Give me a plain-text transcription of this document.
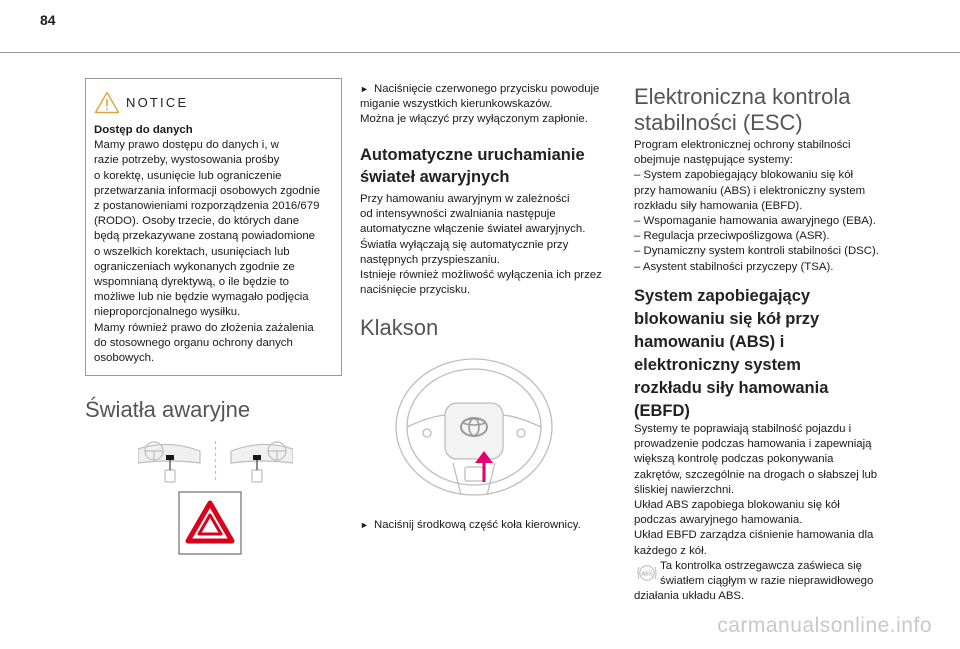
84
NOTICE

Dostęp do danych

Mamy prawo dostępu do danych i, w

razie potrzeby, wystosowania prośby

o korektę, usunięcie lub ograniczenie

przetwarzania informacji osobowych zgodnie

z postanowieniami rozporządzenia 2016/679

(RODO). Osoby trzecie, do których dane

będą przekazywane zostaną powiadomione

o wszelkich korektach, usunięciach lub

ograniczeniach wykonanych zgodnie ze

wspomnianą dyrektywą, o ile będzie to

możliwe lub nie będzie wymagało podjęcia

nieproporcjonalnego wysiłku.

Mamy również prawo do złożenia zażalenia

do stosownego organu ochrony danych

osobowych.

Światła awaryjne

► Naciśnięcie czerwonego przycisku powoduje

miganie wszystkich kierunkowskazów.

Można je włączyć przy wyłączonym zapłonie.

Automatyczne uruchamianie
świateł awaryjnych

Przy hamowaniu awaryjnym w zależności

od intensywności zwalniania następuje

automatyczne włączenie świateł awaryjnych.

Światła wyłączają się automatycznie przy

następnych przyspieszaniu.

Istnieje również możliwość wyłączenia ich przez

naciśnięcie przycisku.

Klakson

► Naciśnij środkową część koła kierownicy.

Elektroniczna kontrola
stabilności (ESC)

Program elektronicznej ochrony stabilności

obejmuje następujące systemy:

– System zapobiegający blokowaniu się kół

przy hamowaniu (ABS) i elektroniczny system

rozkładu siły hamowania (EBFD).

– Wspomaganie hamowania awaryjnego (EBA).

– Regulacja przeciwpoślizgowa (ASR).

– Dynamiczny system kontroli stabilności (DSC).

– Asystent stabilności przyczepy (TSA).

System zapobiegający
blokowaniu się kół przy
hamowaniu (ABS) i
elektroniczny system
rozkładu siły hamowania
(EBFD)

Systemy te poprawiają stabilność pojazdu i

prowadzenie podczas hamowania i zapewniają

większą kontrolę podczas pokonywania

zakrętów, szczególnie na drogach o słabszej lub

śliskiej nawierzchni.

Układ ABS zapobiega blokowaniu się kół

podczas awaryjnego hamowania.

Układ EBFD zarządza ciśnienie hamowania dla

każdego z kół.

ABS

Ta kontrolka ostrzegawcza zaświeca się

światłem ciągłym w razie nieprawidłowego

działania układu ABS.

carmanualsonline.info
